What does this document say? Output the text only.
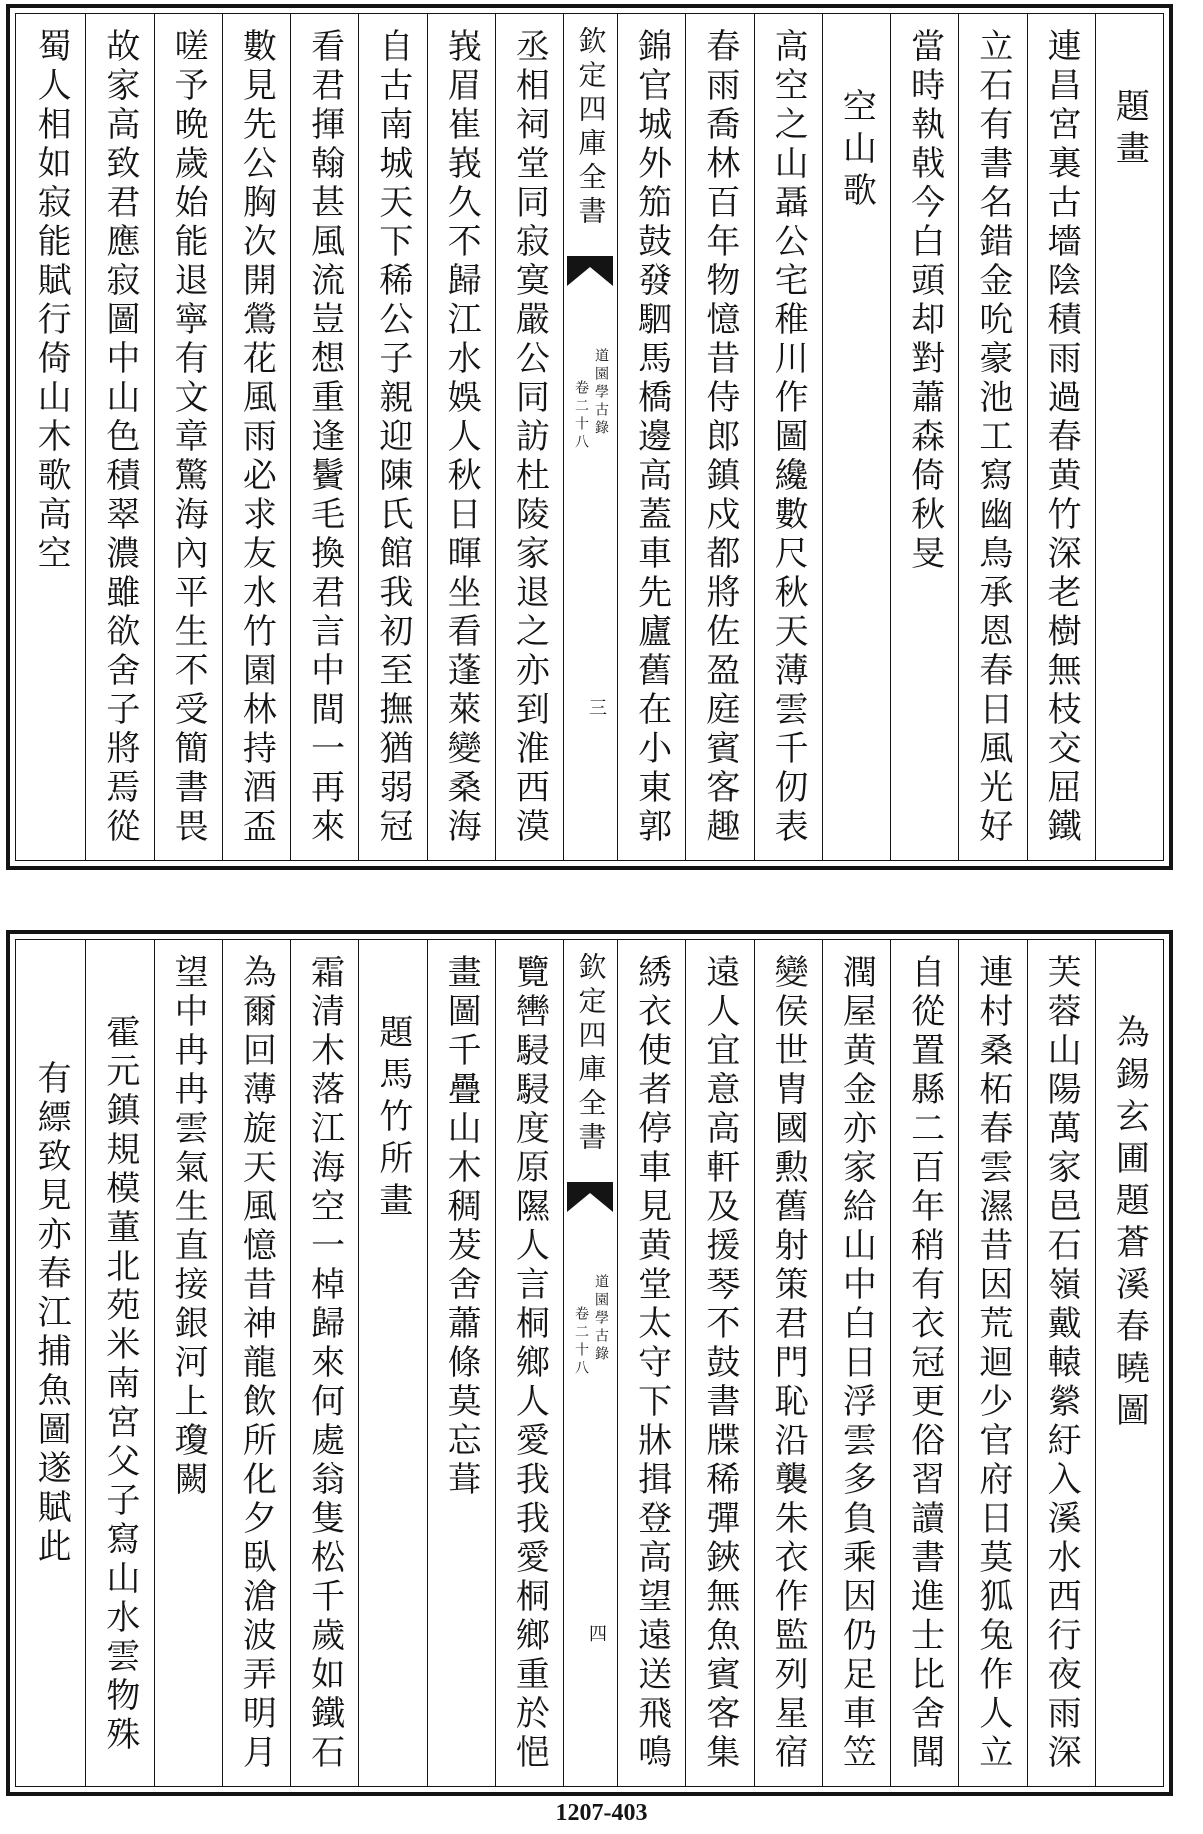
題畫
連昌宮裏古墻陰積雨過春黄竹深老樹無枝交屈鐵
立石有書名錯金吮豪池工寫幽鳥承恩春日風光好
當時執戟今白頭却對蕭森倚秋旻
空山歌
高空之山聶公宅稚川作圖纔數尺秋天薄雲千仞表
春雨喬林百年物憶昔侍郎鎮戍都將佐盈庭賓客趣
錦官城外笳鼓發駟馬橋邊高蓋車先廬舊在小東郭
欽定四庫全書
道園學古錄
卷二十八
三
丞相祠堂同寂寞嚴公同訪杜陵家退之亦到淮西漠
峩眉崔峩久不歸江水娛人秋日暉坐看蓬萊變桑海
自古南城天下稀公子親迎陳氏館我初至撫猶弱冠
看君揮翰甚風流豈想重逢鬢毛換君言中間一再來
數見先公胸次開鶯花風雨必求友水竹園林持酒盃
嗟予晩歲始能退寧有文章驚海內平生不受簡書畏
故家高致君應寂圖中山色積翠濃雖欲舍子將焉從
蜀人相如寂能賦行倚山木歌高空
為錫玄圃題蒼溪春曉圖
芙蓉山陽萬家邑石嶺戴轅縈紆入溪水西行夜雨深
連村桑柘春雲濕昔因荒迴少官府日莫狐兔作人立
自從置縣二百年稍有衣冠更俗習讀書進士比舍聞
潤屋黄金亦家給山中白日浮雲多負乘因仍足車笠
變侯世胄國勲舊射策君門恥沿襲朱衣作監列星宿
遠人宜意高軒及援琴不鼓書牒稀彈鋏無魚賓客集
綉衣使者停車見黄堂太守下牀揖登高望遠送飛鳴
欽定四庫全書
道園學古錄
卷二十八
四
覽轡駸駸度原隰人言桐鄉人愛我我愛桐鄉重於悒
畫圖千疊山木稠茇舍蕭條莫忘葺
題馬竹所畫
霜清木落江海空一棹歸來何處翁隻松千歲如鐵石
為爾回薄旋天風憶昔神龍飲所化夕臥滄波弄明月
望中冉冉雲氣生直接銀河上瓊闕
霍元鎮規模董北苑米南宮父子寫山水雲物殊
有縹致見亦春江捕魚圖遂賦此
1207-403
